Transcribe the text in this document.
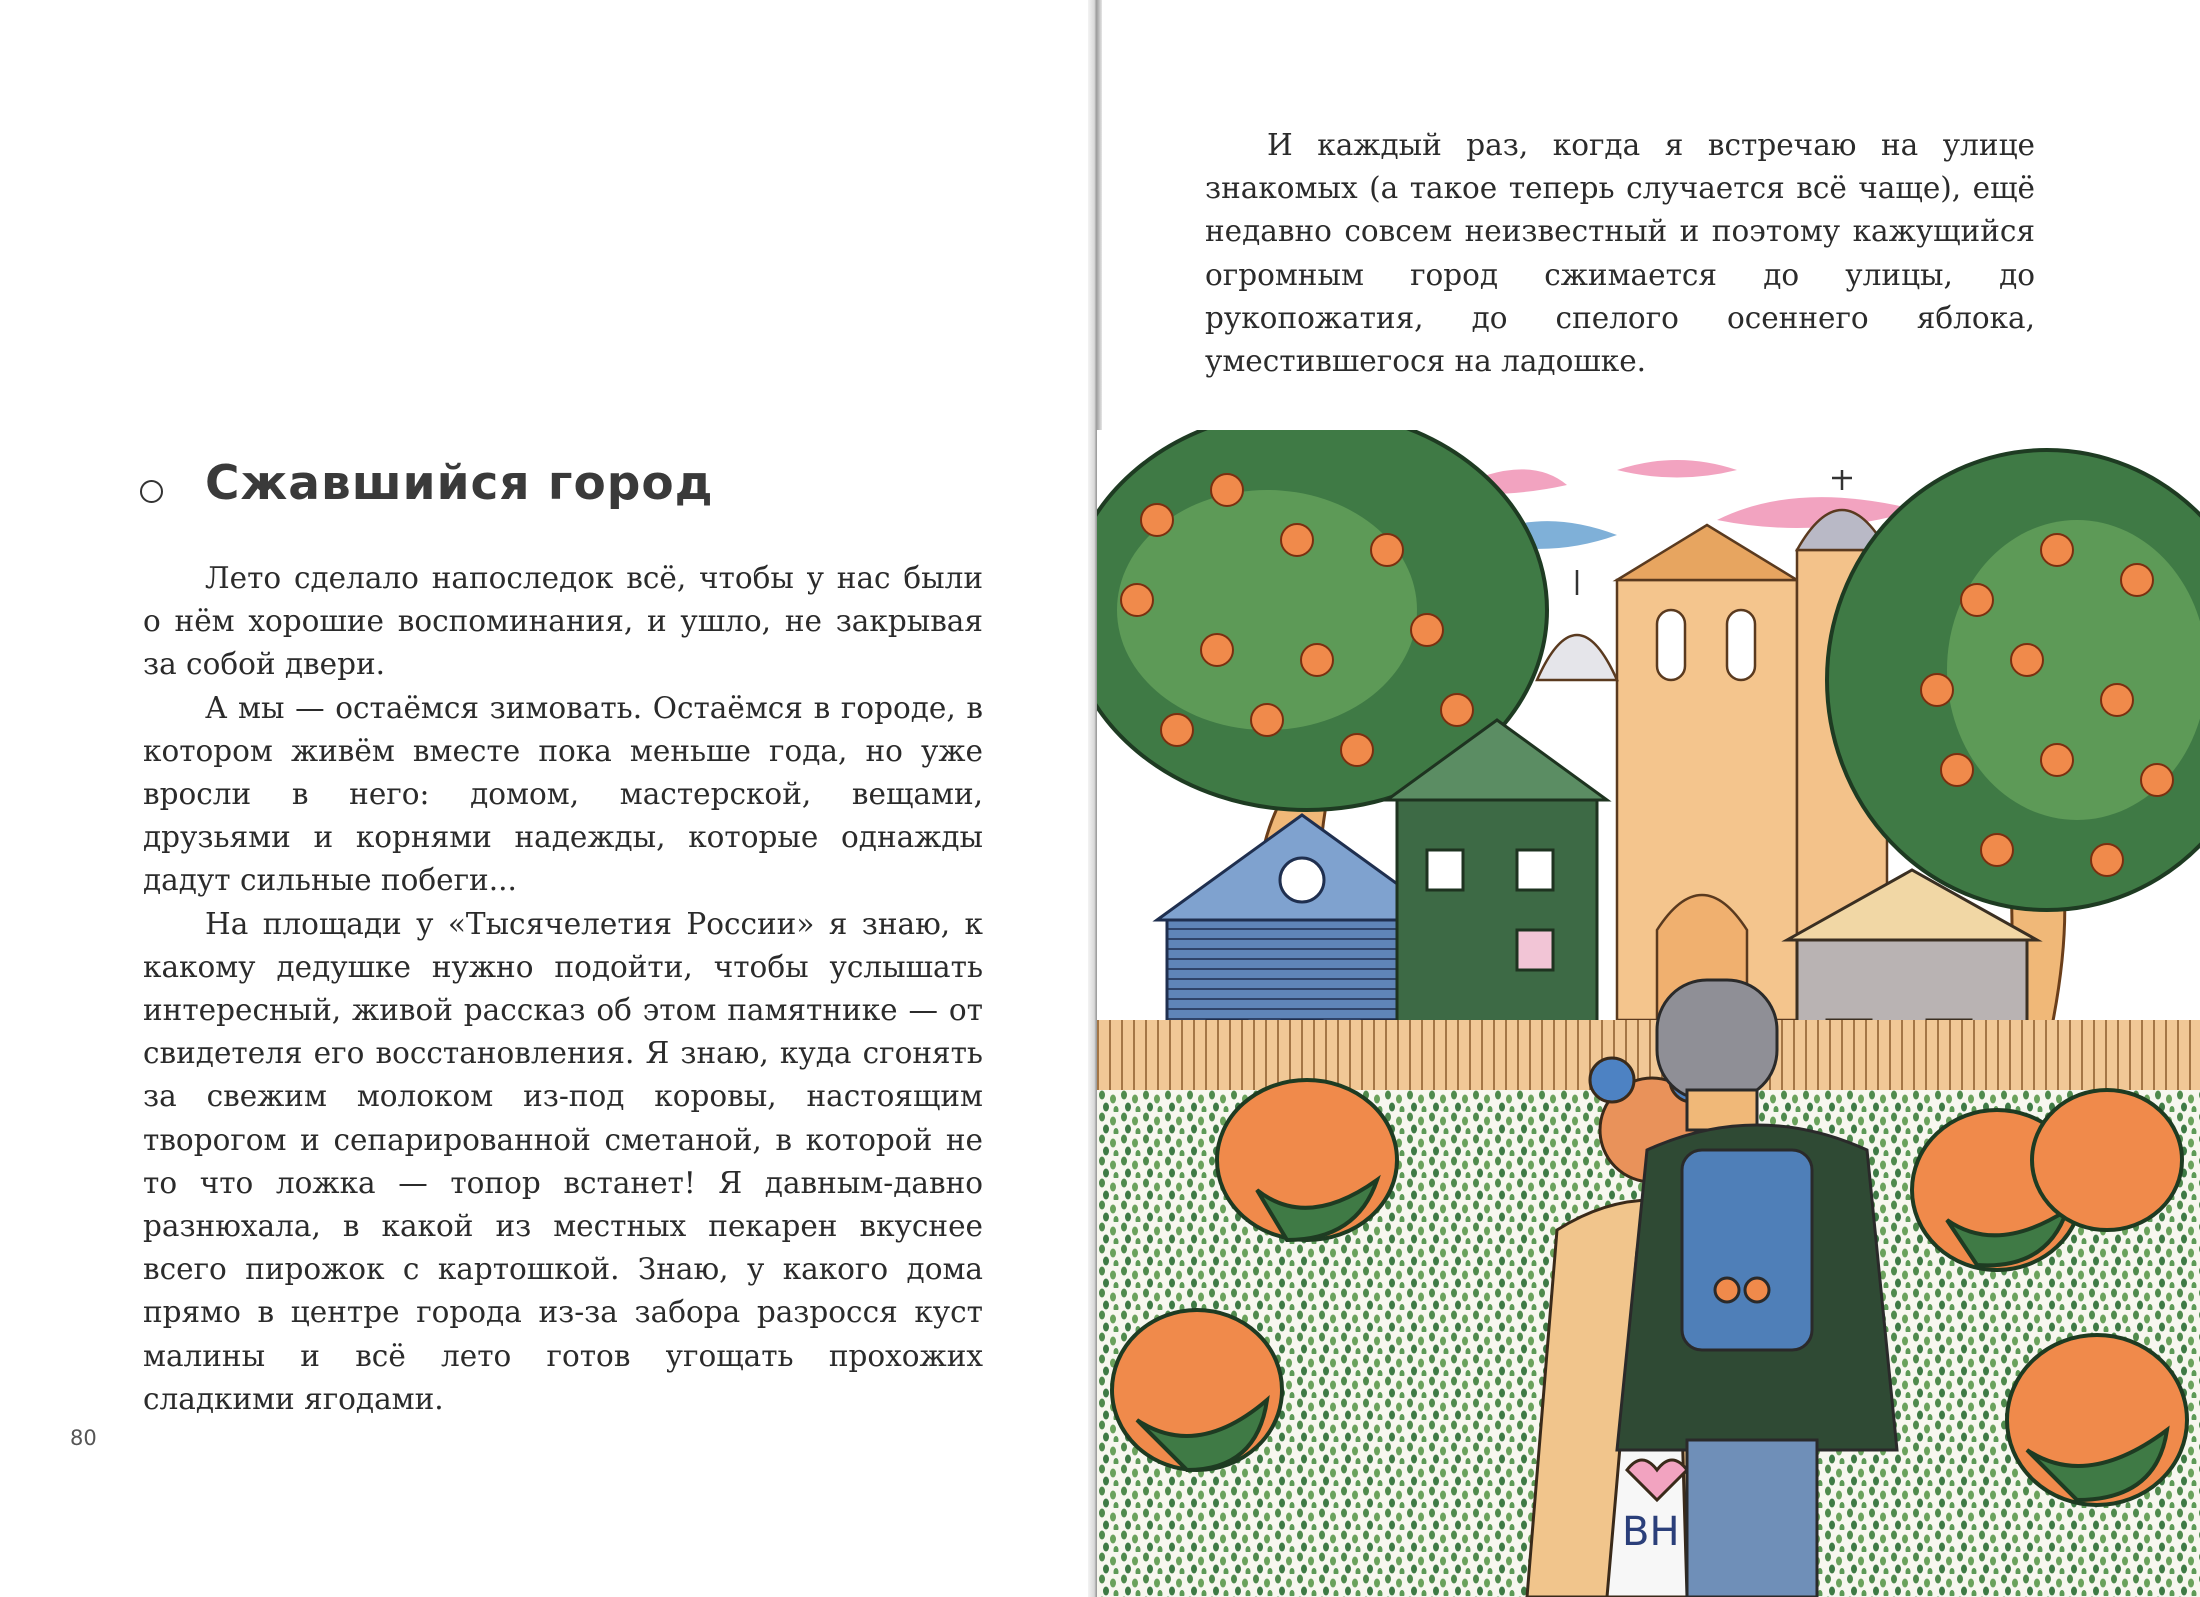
Сжавшийся город

Лето сделало напоследок всё, чтобы у нас были о нём хорошие воспоминания, и ушло, не закрывая за собой двери.

А мы — остаёмся зимовать. Остаёмся в городе, в котором живём вместе пока меньше года, но уже вросли в него: домом, мастерской, вещами, друзьями и корнями надежды, которые однажды дадут сильные побеги...

На площади у «Тысячелетия России» я знаю, к какому дедушке нужно подойти, чтобы услышать интересный, живой рассказ об этом памятнике — от свидетеля его восстановления. Я знаю, куда сгонять за свежим молоком из-под коровы, настоящим творогом и сепарированной сметаной, в которой не то что ложка — топор встанет! Я давным-давно разнюхала, в какой из местных пекарен вкуснее всего пирожок с картошкой. Знаю, у какого дома прямо в центре города из-за забора разросся куст малины и всё лето готов угощать прохожих сладкими ягодами.

80

И каждый раз, когда я встречаю на улице знакомых (а такое теперь случается всё чаще), ещё недавно совсем неизвестный и поэтому кажущийся огромным город сжимается до улицы, до рукопожатия, до спелого осеннего яблока, уместившегося на ладошке.

ВН
